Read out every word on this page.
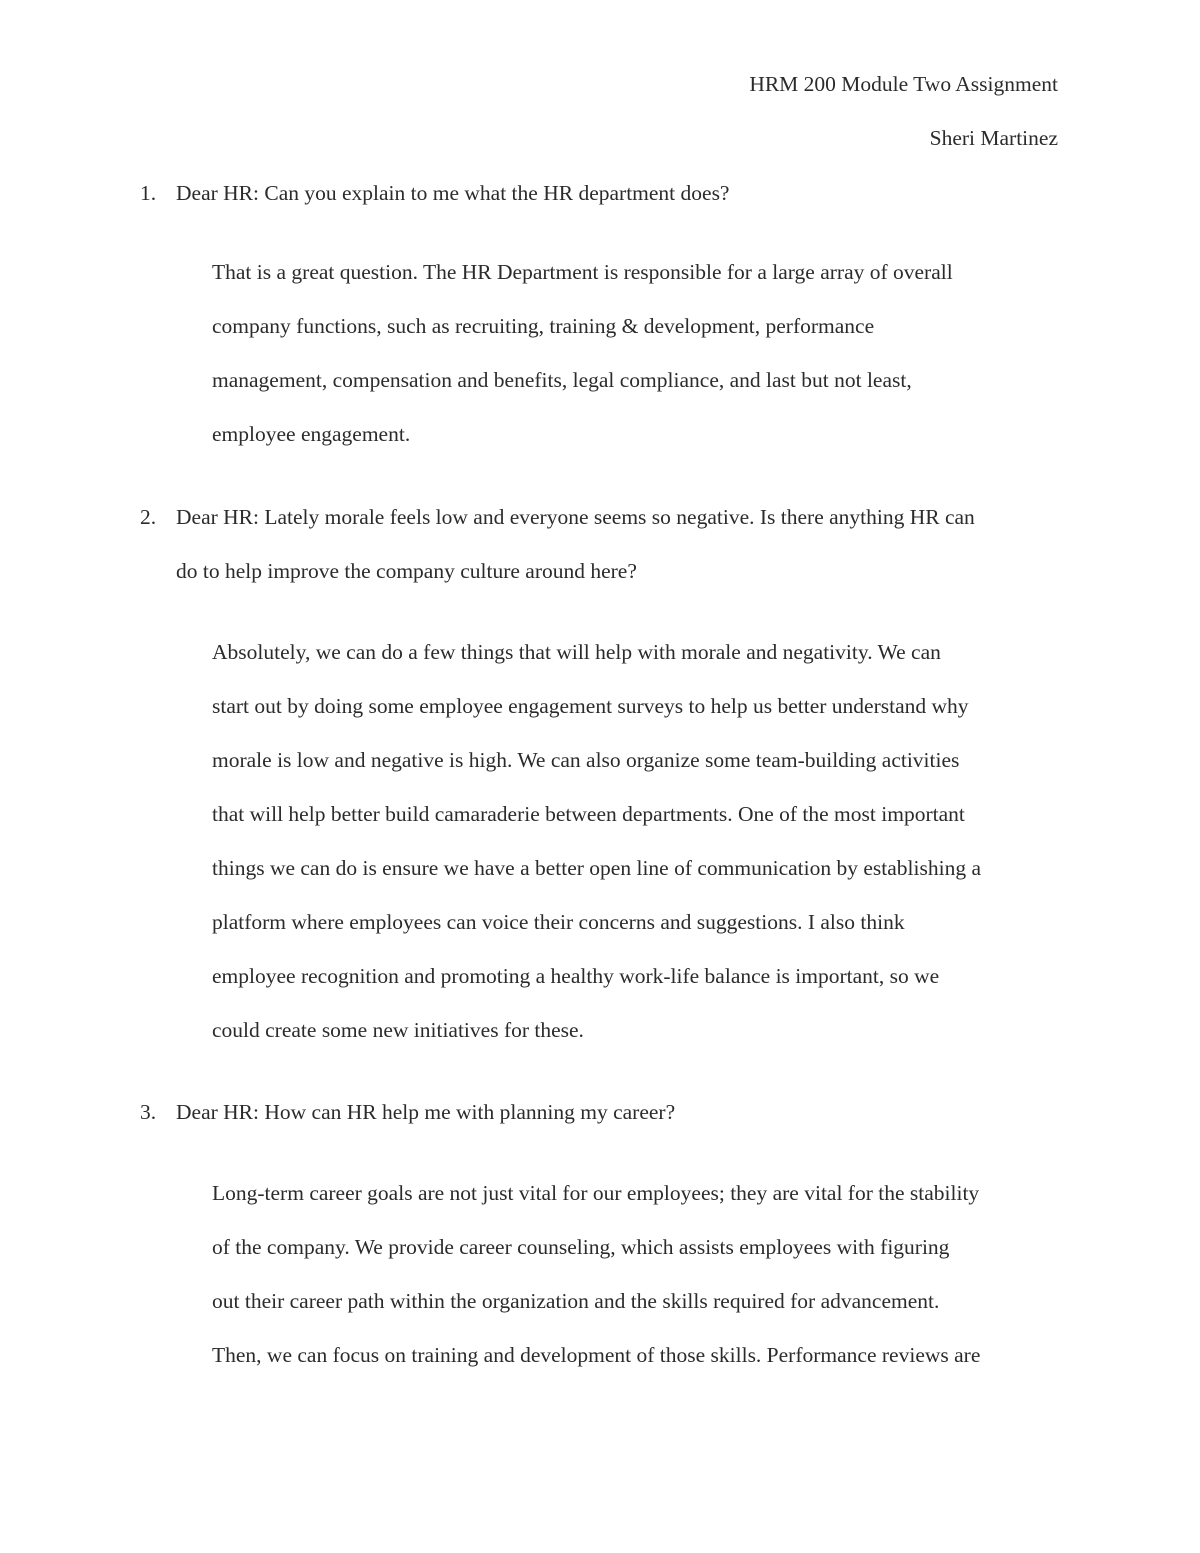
HRM 200 Module Two Assignment
Sheri Martinez
1. Dear HR: Can you explain to me what the HR department does?
That is a great question. The HR Department is responsible for a large array of overall
company functions, such as recruiting, training & development, performance
management, compensation and benefits, legal compliance, and last but not least,
employee engagement.
2. Dear HR: Lately morale feels low and everyone seems so negative. Is there anything HR can
do to help improve the company culture around here?
Absolutely, we can do a few things that will help with morale and negativity. We can
start out by doing some employee engagement surveys to help us better understand why
morale is low and negative is high. We can also organize some team-building activities
that will help better build camaraderie between departments. One of the most important
things we can do is ensure we have a better open line of communication by establishing a
platform where employees can voice their concerns and suggestions. I also think
employee recognition and promoting a healthy work-life balance is important, so we
could create some new initiatives for these.
3. Dear HR: How can HR help me with planning my career?
Long-term career goals are not just vital for our employees; they are vital for the stability
of the company. We provide career counseling, which assists employees with figuring
out their career path within the organization and the skills required for advancement.
Then, we can focus on training and development of those skills. Performance reviews are
